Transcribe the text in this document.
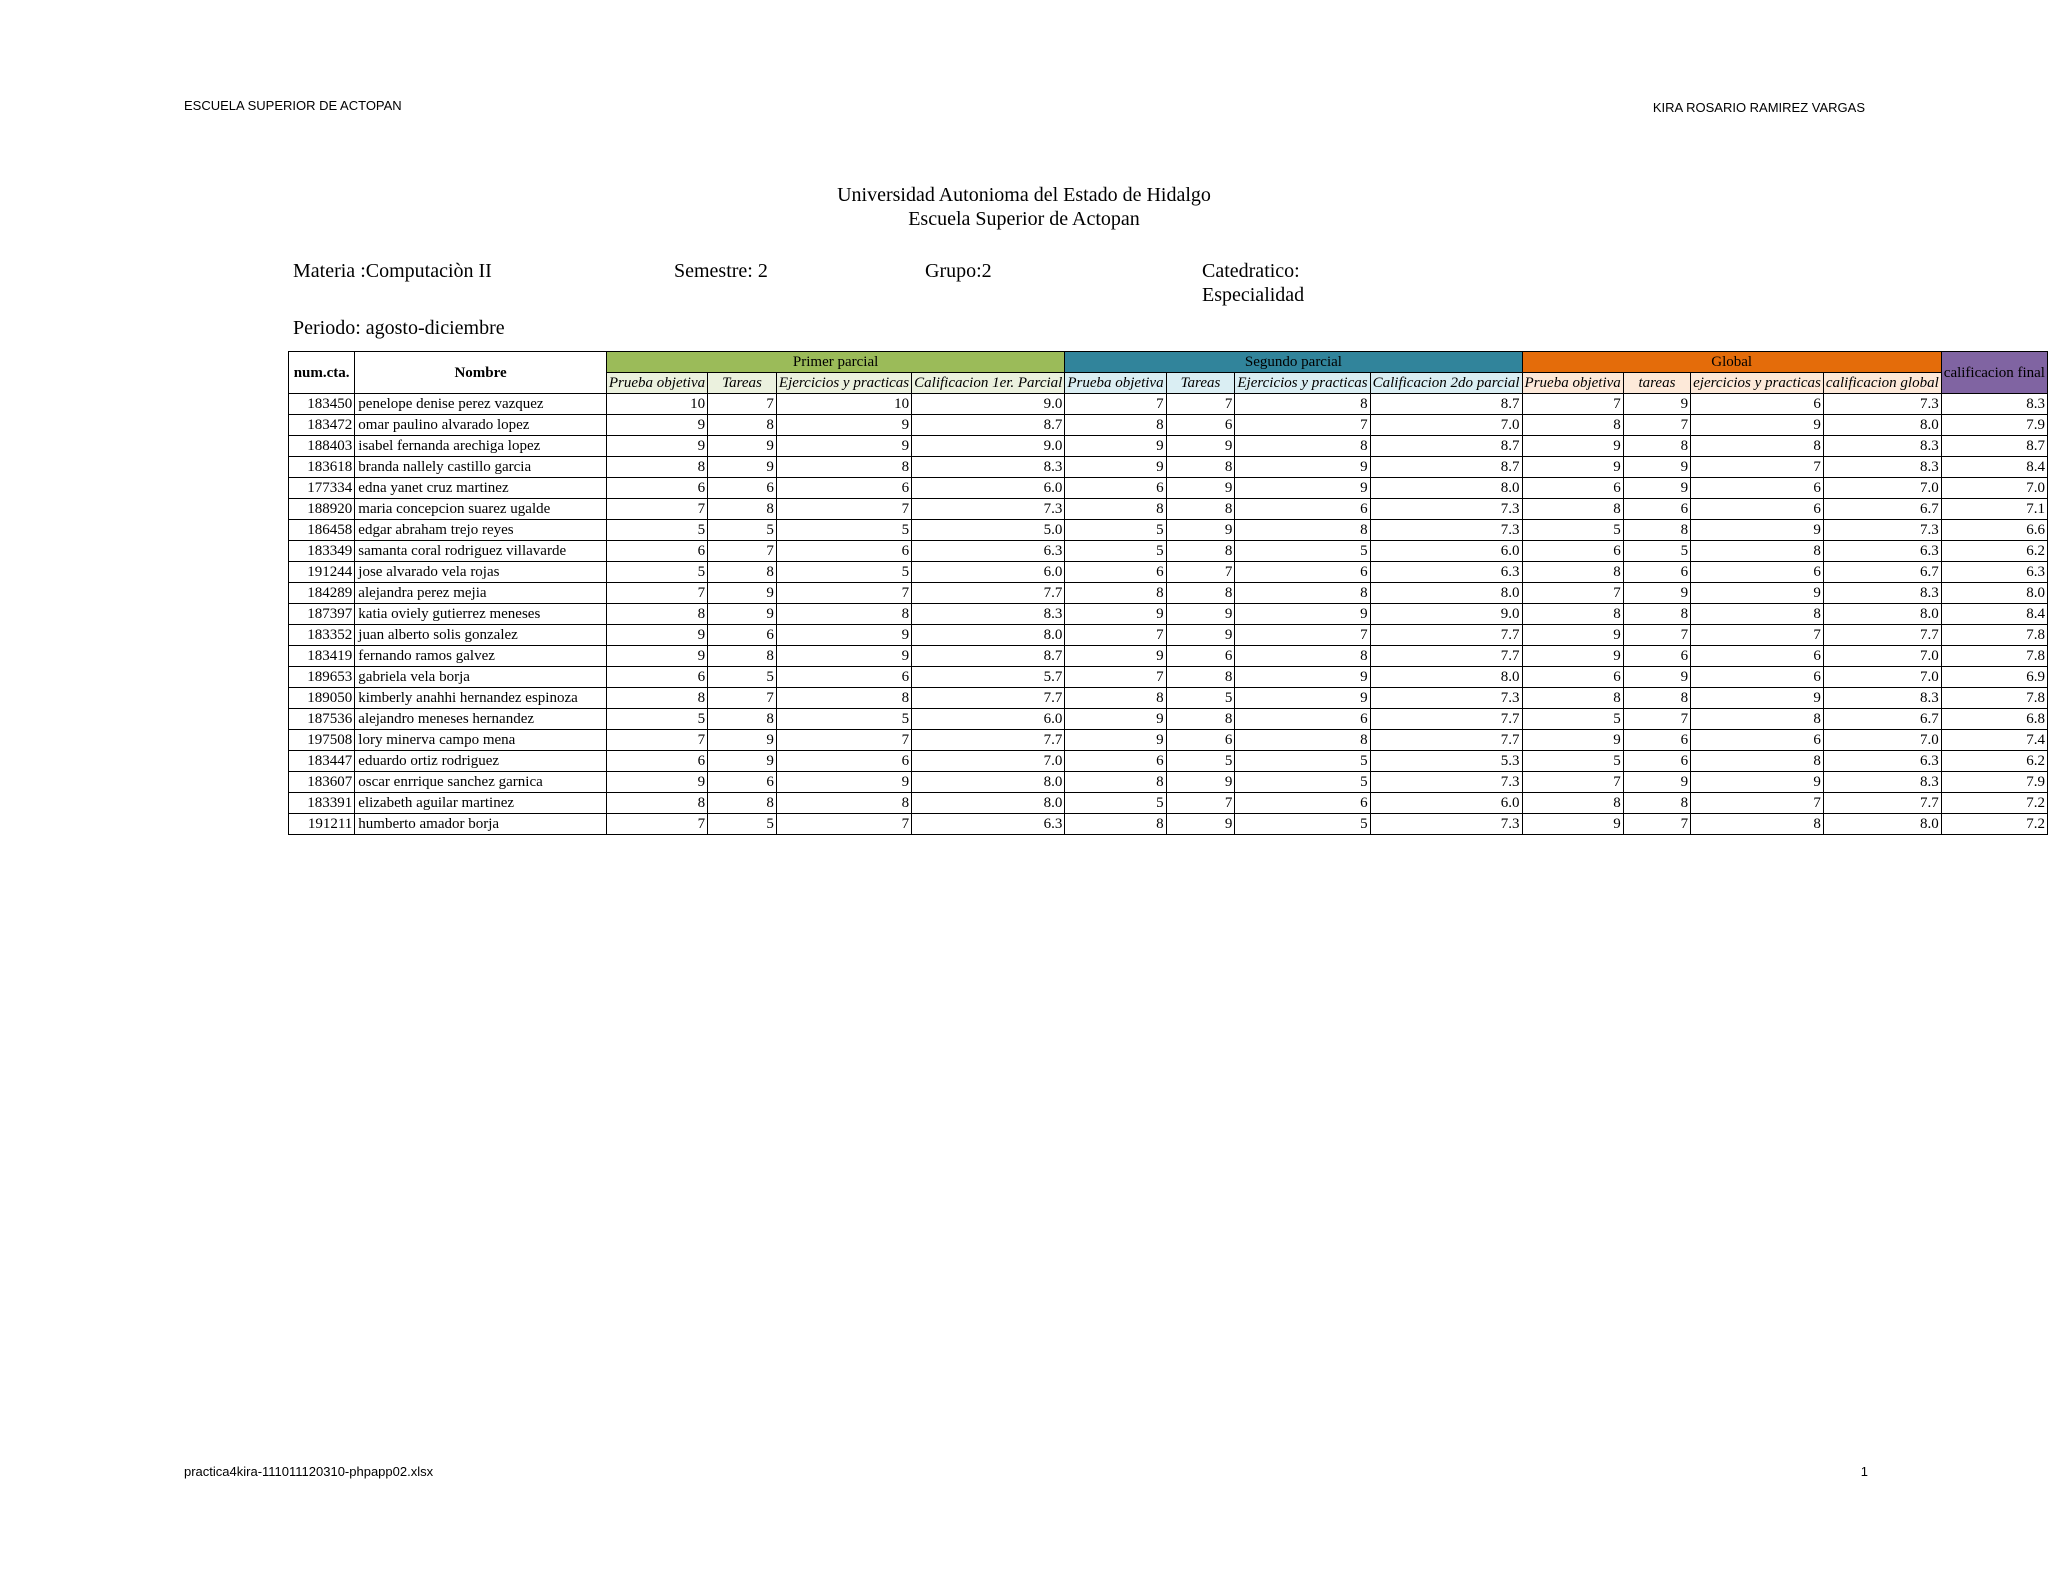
ESCUELA SUPERIOR DE ACTOPAN	KIRA ROSARIO RAMIREZ VARGAS
Universidad Autonioma del Estado de Hidalgo
Escuela Superior de Actopan
Materia :Computaciòn II	Semestre: 2	Grupo:2	Catedratico:
Especialidad
Periodo: agosto-diciembre
num.cta.	Nombre	Primer parcial				Segundo parcial				Global				calificacion final
		Prueba objetiva	Tareas	Ejercicios y practicas	Calificacion 1er. Parcial	Prueba objetiva	Tareas	Ejercicios y practicas	Calificacion 2do parcial	Prueba objetiva	tareas	ejercicios y practicas	calificacion global	
183450	penelope denise perez vazquez	10	7	10	9.0	7	7	8	8.7	7	9	6	7.3	8.3
183472	omar paulino alvarado lopez	9	8	9	8.7	8	6	7	7.0	8	7	9	8.0	7.9
188403	isabel fernanda arechiga lopez	9	9	9	9.0	9	9	8	8.7	9	8	8	8.3	8.7
183618	branda nallely castillo garcia	8	9	8	8.3	9	8	9	8.7	9	9	7	8.3	8.4
177334	edna yanet cruz martinez	6	6	6	6.0	6	9	9	8.0	6	9	6	7.0	7.0
188920	maria concepcion suarez ugalde	7	8	7	7.3	8	8	6	7.3	8	6	6	6.7	7.1
186458	edgar abraham trejo reyes	5	5	5	5.0	5	9	8	7.3	5	8	9	7.3	6.6
183349	samanta coral rodriguez villavarde	6	7	6	6.3	5	8	5	6.0	6	5	8	6.3	6.2
191244	jose alvarado vela rojas	5	8	5	6.0	6	7	6	6.3	8	6	6	6.7	6.3
184289	alejandra perez mejia	7	9	7	7.7	8	8	8	8.0	7	9	9	8.3	8.0
187397	katia oviely gutierrez meneses	8	9	8	8.3	9	9	9	9.0	8	8	8	8.0	8.4
183352	juan alberto solis gonzalez	9	6	9	8.0	7	9	7	7.7	9	7	7	7.7	7.8
183419	fernando ramos galvez	9	8	9	8.7	9	6	8	7.7	9	6	6	7.0	7.8
189653	gabriela vela borja	6	5	6	5.7	7	8	9	8.0	6	9	6	7.0	6.9
189050	kimberly anahhi hernandez espinoza	8	7	8	7.7	8	5	9	7.3	8	8	9	8.3	7.8
187536	alejandro meneses hernandez	5	8	5	6.0	9	8	6	7.7	5	7	8	6.7	6.8
197508	lory minerva campo mena	7	9	7	7.7	9	6	8	7.7	9	6	6	7.0	7.4
183447	eduardo ortiz rodriguez	6	9	6	7.0	6	5	5	5.3	5	6	8	6.3	6.2
183607	oscar enrrique sanchez garnica	9	6	9	8.0	8	9	5	7.3	7	9	9	8.3	7.9
183391	elizabeth aguilar martinez	8	8	8	8.0	5	7	6	6.0	8	8	7	7.7	7.2
191211	humberto amador borja	7	5	7	6.3	8	9	5	7.3	9	7	8	8.0	7.2
practica4kira-111011120310-phpapp02.xlsx	1
